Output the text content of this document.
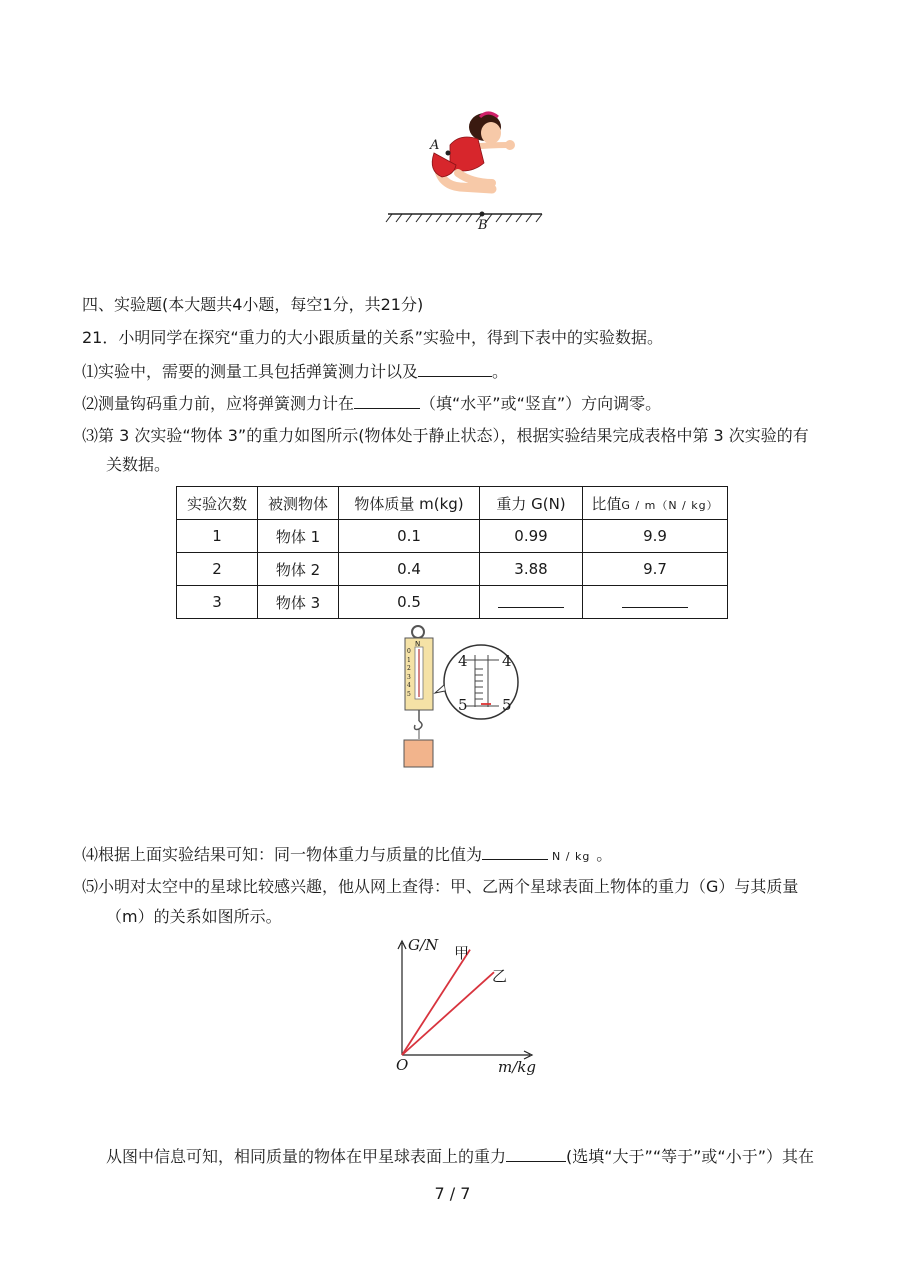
A
B
四、实验题(本大题共4小题，每空1分，共21分)
21．小明同学在探究“重力的大小跟质量的关系”实验中，得到下表中的实验数据。
⑴实验中，需要的测量工具包括弹簧测力计以及	。
⑵测量钩码重力前，应将弹簧测力计在	（填“水平”或“竖直”）方向调零。
⑶第 3 次实验“物体 3”的重力如图所示(物体处于静止状态），根据实验结果完成表格中第 3 次实验的有
关数据。
实验次数	被测物体	物体质量 m(kg)	重力 G(N)	比值G / m（N / kg）
1	物体 1	0.1	0.99	9.9
2	物体 2	0.4	3.88	9.7
3	物体 3	0.5		
N
0
1
2
3
4
5
4 4
5 5
⑷根据上面实验结果可知：同一物体重力与质量的比值为	N / kg 。
⑸小明对太空中的星球比较感兴趣，他从网上查得：甲、乙两个星球表面上物体的重力（G）与其质量
（m）的关系如图所示。
G/N
m/kg
O
甲
乙
从图中信息可知，相同质量的物体在甲星球表面上的重力	(选填“大于”“等于”或“小于”）其在
7 / 7
